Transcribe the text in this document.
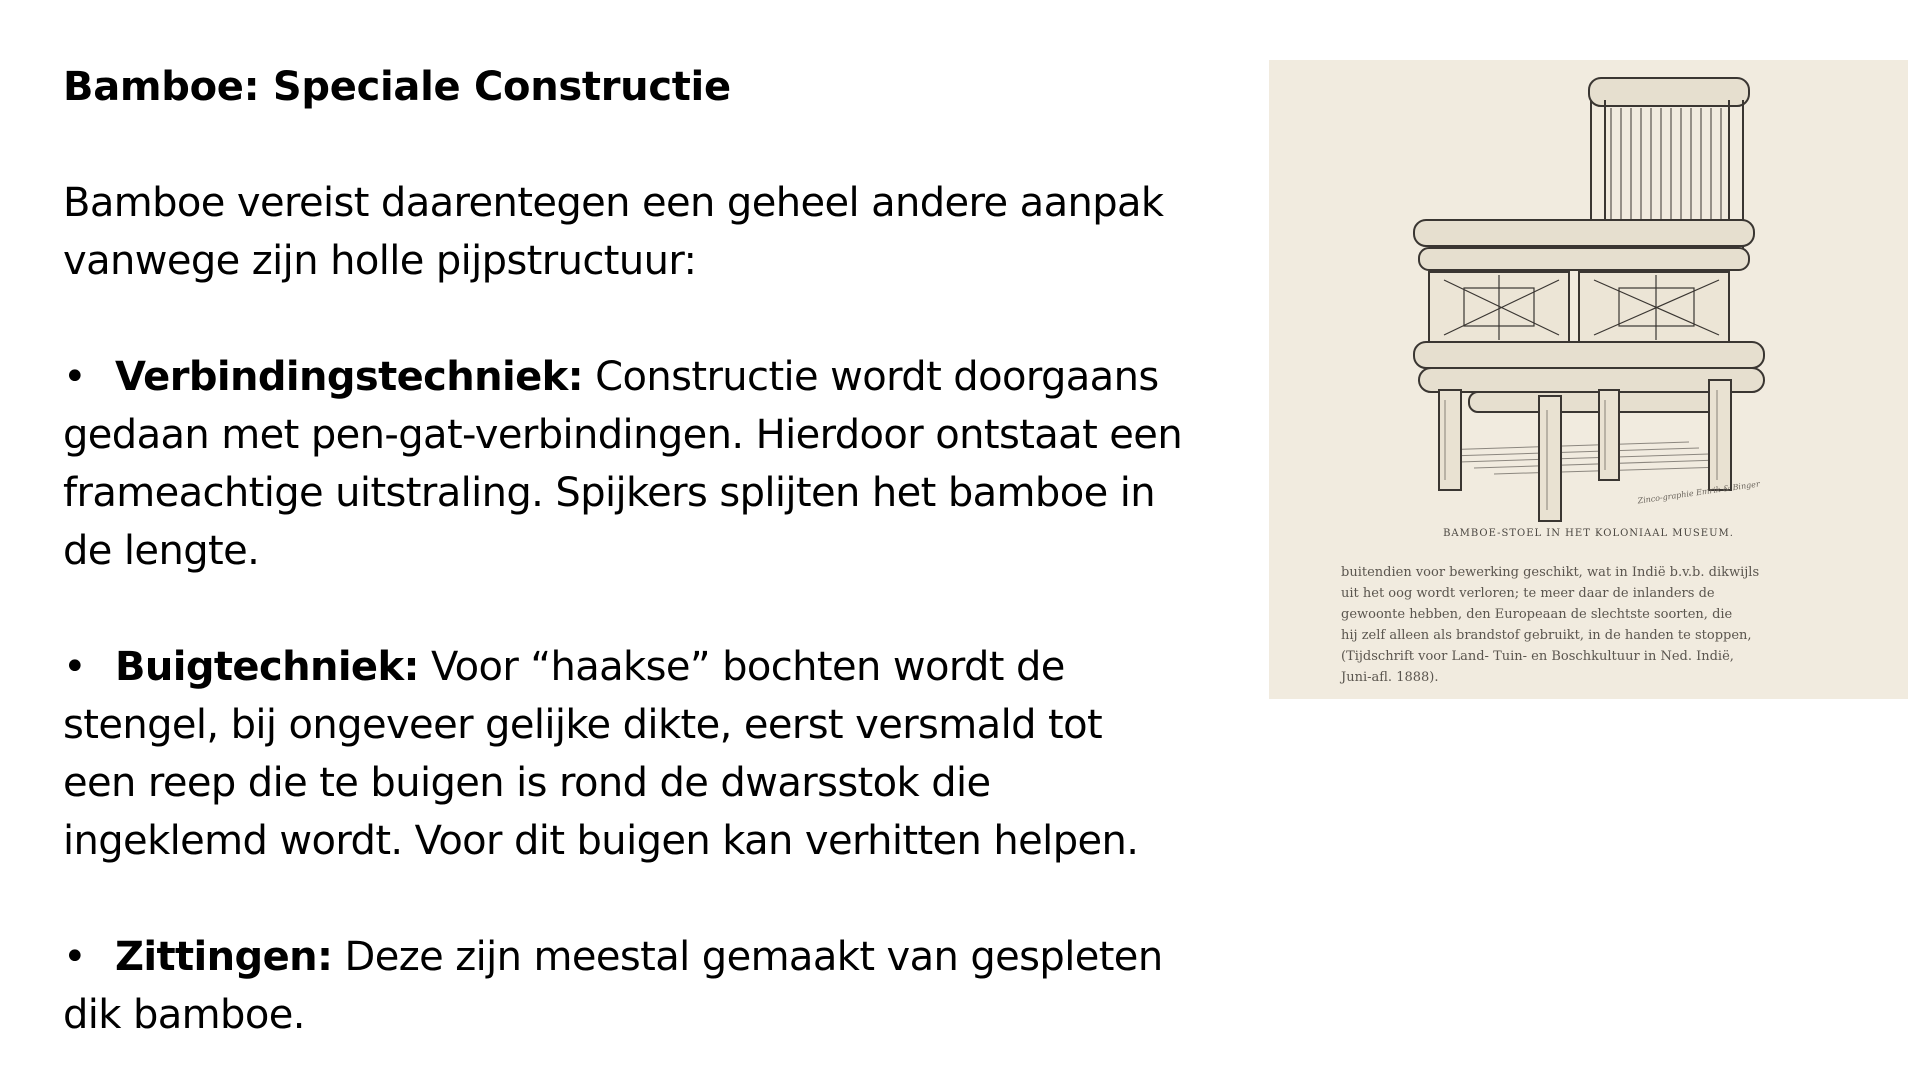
Bamboe: Speciale Constructie

Bamboe vereist daarentegen een geheel andere aanpak

vanwege zijn holle pijpstructuur:

• Verbindingstechniek: Constructie wordt doorgaans

gedaan met pen-gat-verbindingen. Hierdoor ontstaat een

frameachtige uitstraling. Spijkers splijten het bamboe in

de lengte.

• Buigtechniek: Voor “haakse” bochten wordt de

stengel, bij ongeveer gelijke dikte, eerst versmald tot

een reep die te buigen is rond de dwarsstok die

ingeklemd wordt. Voor dit buigen kan verhitten helpen.

• Zittingen: Deze zijn meestal gemaakt van gespleten

dik bamboe.

Zinco-graphie Emrik & Binger
BAMBOE-STOEL IN HET KOLONIAAL MUSEUM.
buitendien voor bewerking geschikt, wat in Indië b.v.b. dikwijls
uit het oog wordt verloren; te meer daar de inlanders de
gewoonte hebben, den Europeaan de slechtste soorten, die
hij zelf alleen als brandstof gebruikt, in de handen te stoppen,
(Tijdschrift voor Land- Tuin- en Boschkultuur in Ned. Indië,
Juni-afl. 1888).
